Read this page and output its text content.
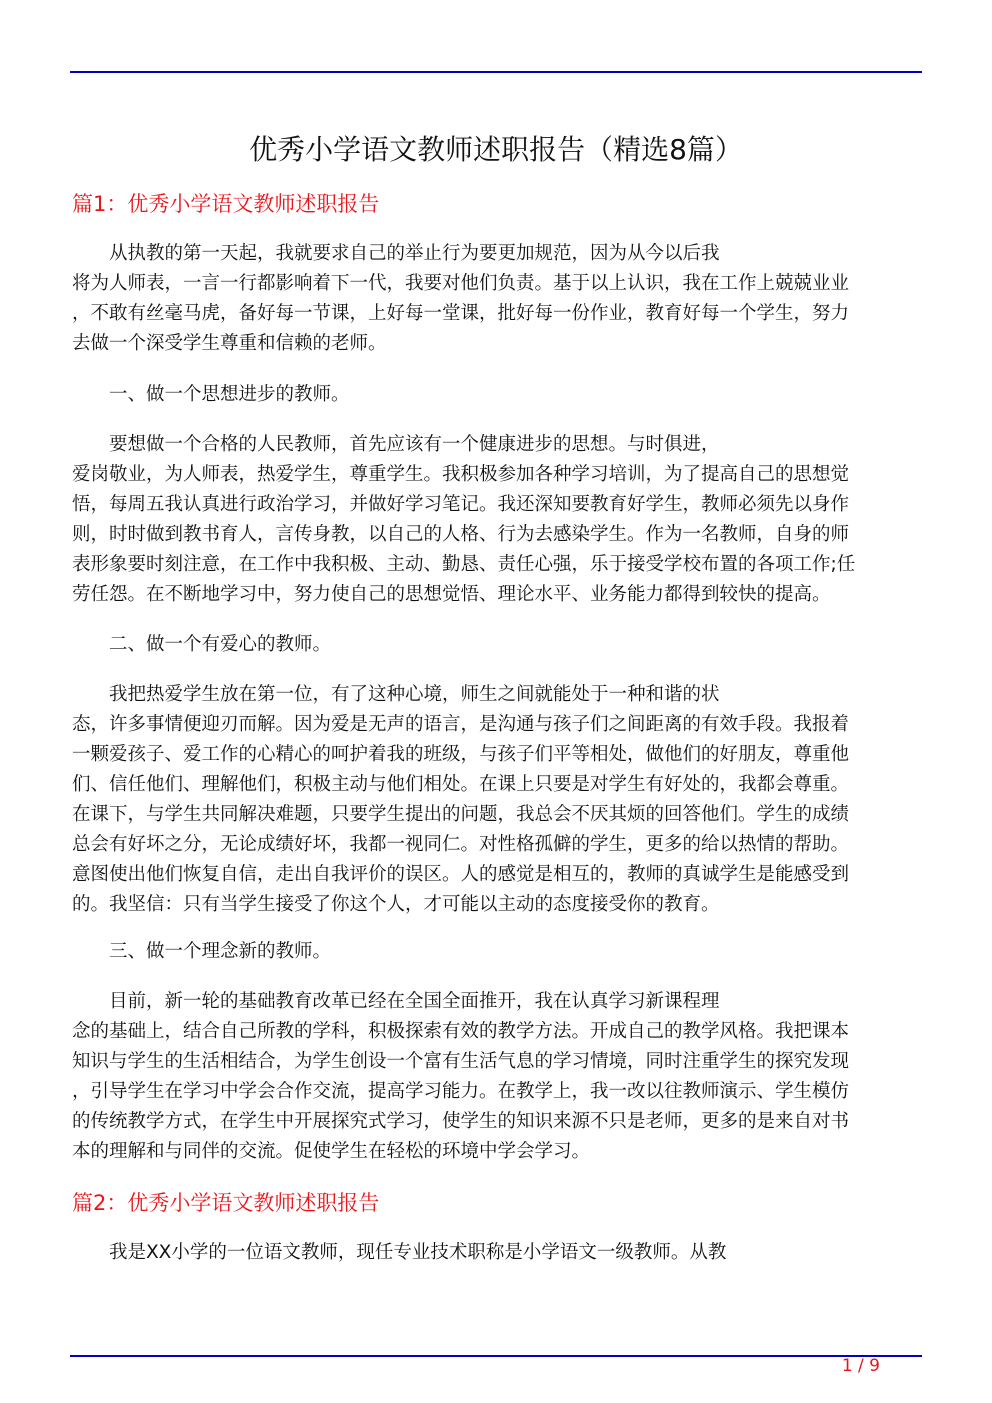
优秀小学语文教师述职报告（精选8篇）
篇1：优秀小学语文教师述职报告
从执教的第一天起，我就要求自己的举止行为要更加规范，因为从今以后我
将为人师表，一言一行都影响着下一代，我要对他们负责。基于以上认识，我在工作上兢兢业业
，不敢有丝毫马虎，备好每一节课，上好每一堂课，批好每一份作业，教育好每一个学生，努力
去做一个深受学生尊重和信赖的老师。
一、做一个思想进步的教师。
要想做一个合格的人民教师，首先应该有一个健康进步的思想。与时俱进，
爱岗敬业，为人师表，热爱学生，尊重学生。我积极参加各种学习培训，为了提高自己的思想觉
悟，每周五我认真进行政治学习，并做好学习笔记。我还深知要教育好学生，教师必须先以身作
则，时时做到教书育人，言传身教，以自己的人格、行为去感染学生。作为一名教师，自身的师
表形象要时刻注意，在工作中我积极、主动、勤恳、责任心强，乐于接受学校布置的各项工作;任
劳任怨。在不断地学习中，努力使自己的思想觉悟、理论水平、业务能力都得到较快的提高。
二、做一个有爱心的教师。
我把热爱学生放在第一位，有了这种心境，师生之间就能处于一种和谐的状
态，许多事情便迎刃而解。因为爱是无声的语言，是沟通与孩子们之间距离的有效手段。我报着
一颗爱孩子、爱工作的心精心的呵护着我的班级，与孩子们平等相处，做他们的好朋友，尊重他
们、信任他们、理解他们，积极主动与他们相处。在课上只要是对学生有好处的，我都会尊重。
在课下，与学生共同解决难题，只要学生提出的问题，我总会不厌其烦的回答他们。学生的成绩
总会有好坏之分，无论成绩好坏，我都一视同仁。对性格孤僻的学生，更多的给以热情的帮助。
意图使出他们恢复自信，走出自我评价的误区。人的感觉是相互的，教师的真诚学生是能感受到
的。我坚信：只有当学生接受了你这个人，才可能以主动的态度接受你的教育。
三、做一个理念新的教师。
目前，新一轮的基础教育改革已经在全国全面推开，我在认真学习新课程理
念的基础上，结合自己所教的学科，积极探索有效的教学方法。开成自己的教学风格。我把课本
知识与学生的生活相结合，为学生创设一个富有生活气息的学习情境，同时注重学生的探究发现
，引导学生在学习中学会合作交流，提高学习能力。在教学上，我一改以往教师演示、学生模仿
的传统教学方式，在学生中开展探究式学习，使学生的知识来源不只是老师，更多的是来自对书
本的理解和与同伴的交流。促使学生在轻松的环境中学会学习。
篇2：优秀小学语文教师述职报告
我是XX小学的一位语文教师，现任专业技术职称是小学语文一级教师。从教
1 / 9
